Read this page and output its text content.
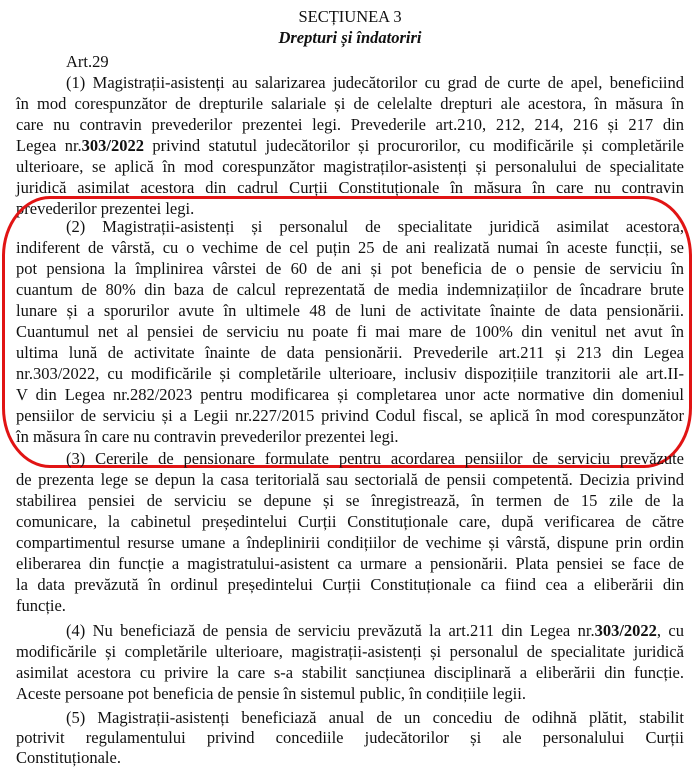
SECȚIUNEA 3
Drepturi și îndatoriri
Art.29
(1) Magistrații-asistenți au salarizarea judecătorilor cu grad de curte de apel, beneficiind
în mod corespunzător de drepturile salariale și de celelalte drepturi ale acestora, în măsura în
care nu contravin prevederilor prezentei legi. Prevederile art.210, 212, 214, 216 și 217 din
Legea nr.303/2022 privind statutul judecătorilor și procurorilor, cu modificările și completările
ulterioare, se aplică în mod corespunzător magistraților-asistenți și personalului de specialitate
juridică asimilat acestora din cadrul Curții Constituționale în măsura în care nu contravin
prevederilor prezentei legi.
(2) Magistrații-asistenți și personalul de specialitate juridică asimilat acestora,
indiferent de vârstă, cu o vechime de cel puțin 25 de ani realizată numai în aceste funcții, se
pot pensiona la împlinirea vârstei de 60 de ani și pot beneficia de o pensie de serviciu în
cuantum de 80% din baza de calcul reprezentată de media indemnizațiilor de încadrare brute
lunare și a sporurilor avute în ultimele 48 de luni de activitate înainte de data pensionării.
Cuantumul net al pensiei de serviciu nu poate fi mai mare de 100% din venitul net avut în
ultima lună de activitate înainte de data pensionării. Prevederile art.211 și 213 din Legea
nr.303/2022, cu modificările și completările ulterioare, inclusiv dispozițiile tranzitorii ale art.II-
V din Legea nr.282/2023 pentru modificarea și completarea unor acte normative din domeniul
pensiilor de serviciu și a Legii nr.227/2015 privind Codul fiscal, se aplică în mod corespunzător
în măsura în care nu contravin prevederilor prezentei legi.
(3) Cererile de pensionare formulate pentru acordarea pensiilor de serviciu prevăzute
de prezenta lege se depun la casa teritorială sau sectorială de pensii competentă. Decizia privind
stabilirea pensiei de serviciu se depune și se înregistrează, în termen de 15 zile de la
comunicare, la cabinetul președintelui Curții Constituționale care, după verificarea de către
compartimentul resurse umane a îndeplinirii condițiilor de vechime și vârstă, dispune prin ordin
eliberarea din funcție a magistratului-asistent ca urmare a pensionării. Plata pensiei se face de
la data prevăzută în ordinul președintelui Curții Constituționale ca fiind cea a eliberării din
funcție.
(4) Nu beneficiază de pensia de serviciu prevăzută la art.211 din Legea nr.303/2022, cu
modificările și completările ulterioare, magistrații-asistenți și personalul de specialitate juridică
asimilat acestora cu privire la care s-a stabilit sancțiunea disciplinară a eliberării din funcție.
Aceste persoane pot beneficia de pensie în sistemul public, în condițiile legii.
(5) Magistrații-asistenți beneficiază anual de un concediu de odihnă plătit, stabilit
potrivit regulamentului privind concediile judecătorilor și ale personalului Curții
Constituționale.
